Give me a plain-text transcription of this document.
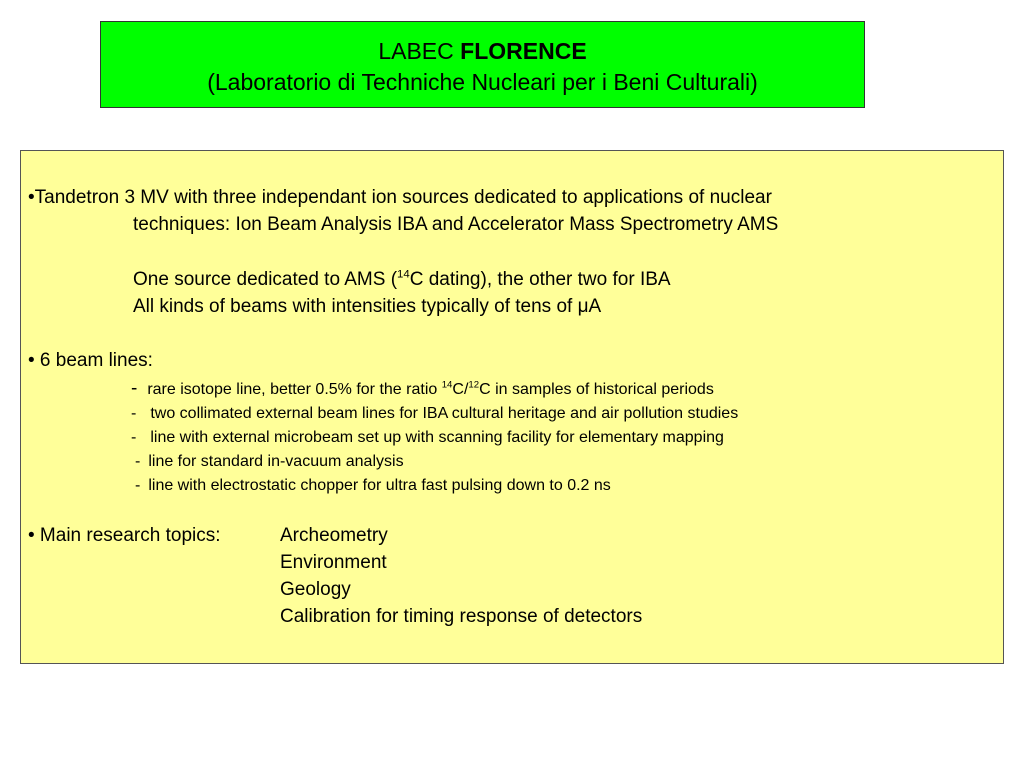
LABEC FLORENCE
(Laboratorio di Techniche Nucleari per i Beni Culturali)
•Tandetron 3 MV with three independant ion sources dedicated to applications of nuclear
techniques: Ion Beam Analysis IBA and Accelerator Mass Spectrometry AMS
One source dedicated to AMS ($^{14}$C dating), the other two for IBA
All kinds of beams with intensities typically of tens of μA
• 6 beam lines:
- rare isotope line, better 0.5% for the ratio $^{14}$C/$^{12}$C in samples of historical periods
- two collimated external beam lines for IBA cultural heritage and air pollution studies
- line with external microbeam set up with scanning facility for elementary mapping
- line for standard in-vacuum analysis
- line with electrostatic chopper for ultra fast pulsing down to 0.2 ns
• Main research topics:	Archeometry
Environment
Geology
Calibration for timing response of detectors
